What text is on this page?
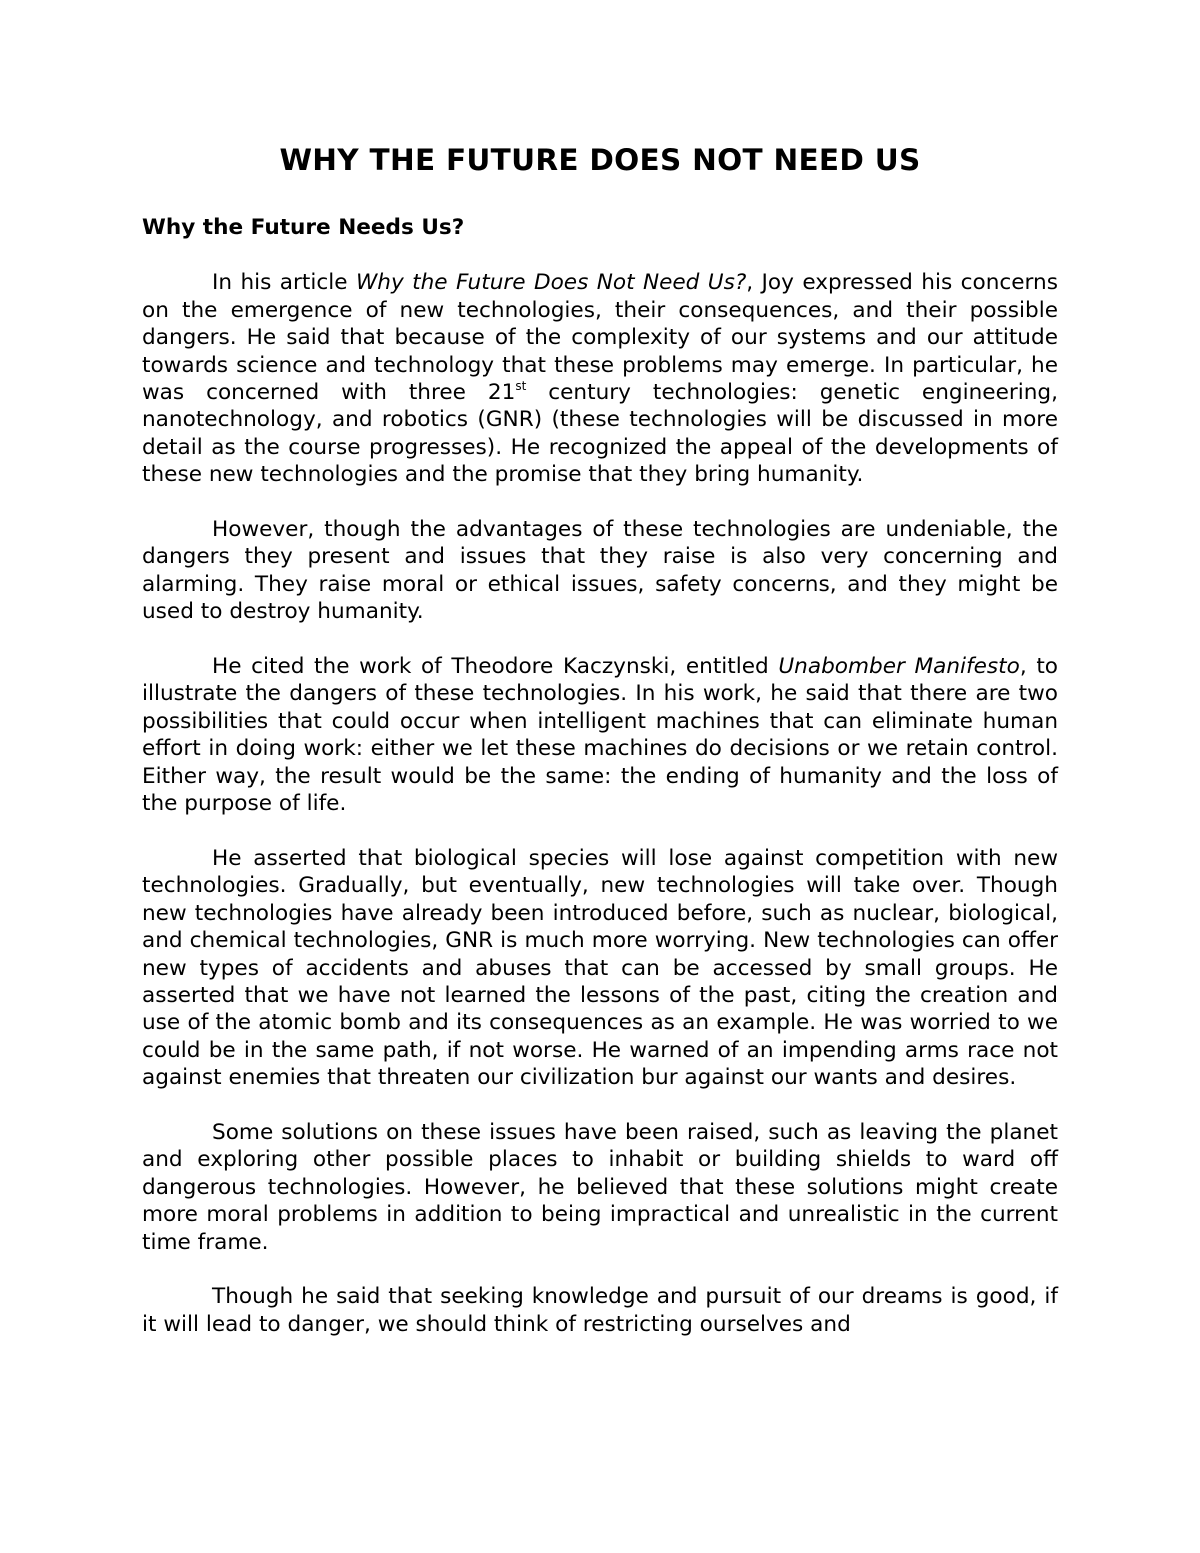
WHY THE FUTURE DOES NOT NEED US
Why the Future Needs Us?

In his article Why the Future Does Not Need Us?, Joy expressed his concerns on the emergence of new technologies, their consequences, and their possible dangers. He said that because of the complexity of our systems and our attitude towards science and technology that these problems may emerge. In particular, he was concerned with three 21st century technologies: genetic engineering, nanotechnology, and robotics (GNR) (these technologies will be discussed in more detail as the course progresses). He recognized the appeal of the developments of these new technologies and the promise that they bring humanity.

However, though the advantages of these technologies are undeniable, the dangers they present and issues that they raise is also very concerning and alarming. They raise moral or ethical issues, safety concerns, and they might be used to destroy humanity.

He cited the work of Theodore Kaczynski, entitled Unabomber Manifesto, to illustrate the dangers of these technologies. In his work, he said that there are two possibilities that could occur when intelligent machines that can eliminate human effort in doing work: either we let these machines do decisions or we retain control. Either way, the result would be the same: the ending of humanity and the loss of the purpose of life.

He asserted that biological species will lose against competition with new technologies. Gradually, but eventually, new technologies will take over. Though new technologies have already been introduced before, such as nuclear, biological, and chemical technologies, GNR is much more worrying. New technologies can offer new types of accidents and abuses that can be accessed by small groups. He asserted that we have not learned the lessons of the past, citing the creation and use of the atomic bomb and its consequences as an example. He was worried to we could be in the same path, if not worse. He warned of an impending arms race not against enemies that threaten our civilization bur against our wants and desires.

Some solutions on these issues have been raised, such as leaving the planet and exploring other possible places to inhabit or building shields to ward off dangerous technologies. However, he believed that these solutions might create more moral problems in addition to being impractical and unrealistic in the current time frame.

Though he said that seeking knowledge and pursuit of our dreams is good, if it will lead to danger, we should think of restricting ourselves and
